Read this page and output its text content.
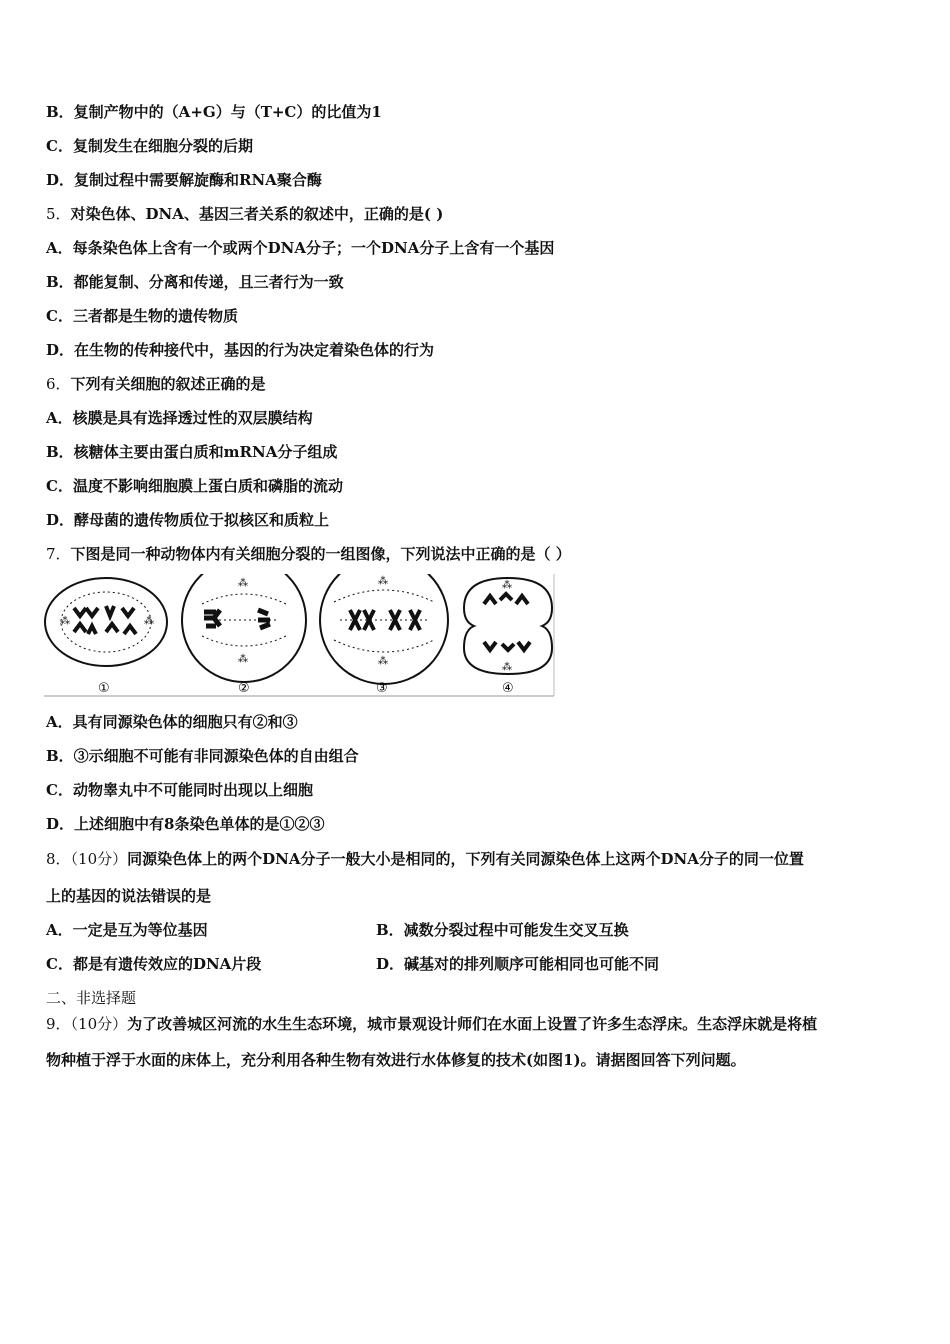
B．复制产物中的（A+G）与（T+C）的比值为1
C．复制发生在细胞分裂的后期
D．复制过程中需要解旋酶和RNA聚合酶
5．对染色体、DNA、基因三者关系的叙述中，正确的是( )
A．每条染色体上含有一个或两个DNA分子；一个DNA分子上含有一个基因
B．都能复制、分离和传递，且三者行为一致
C．三者都是生物的遗传物质
D．在生物的传种接代中，基因的行为决定着染色体的行为
6．下列有关细胞的叙述正确的是
A．核膜是具有选择透过性的双层膜结构
B．核糖体主要由蛋白质和mRNA分子组成
C．温度不影响细胞膜上蛋白质和磷脂的流动
D．酵母菌的遗传物质位于拟核区和质粒上
7．下图是同一种动物体内有关细胞分裂的一组图像，下列说法中正确的是（ ）
⁂	⁂
⁂
⁂
⁂
⁂
⁂
⁂
①	②	③	④
A．具有同源染色体的细胞只有②和③
B．③示细胞不可能有非同源染色体的自由组合
C．动物睾丸中不可能同时出现以上细胞
D．上述细胞中有8条染色单体的是①②③
8．（10分）同源染色体上的两个DNA分子一般大小是相同的，下列有关同源染色体上这两个DNA分子的同一位置
上的基因的说法错误的是
A．一定是互为等位基因	B．减数分裂过程中可能发生交叉互换
C．都是有遗传效应的DNA片段	D．碱基对的排列顺序可能相同也可能不同
二、非选择题
9．（10分）为了改善城区河流的水生生态环境，城市景观设计师们在水面上设置了许多生态浮床。生态浮床就是将植
物种植于浮于水面的床体上，充分利用各种生物有效进行水体修复的技术(如图1)。请据图回答下列问题。
